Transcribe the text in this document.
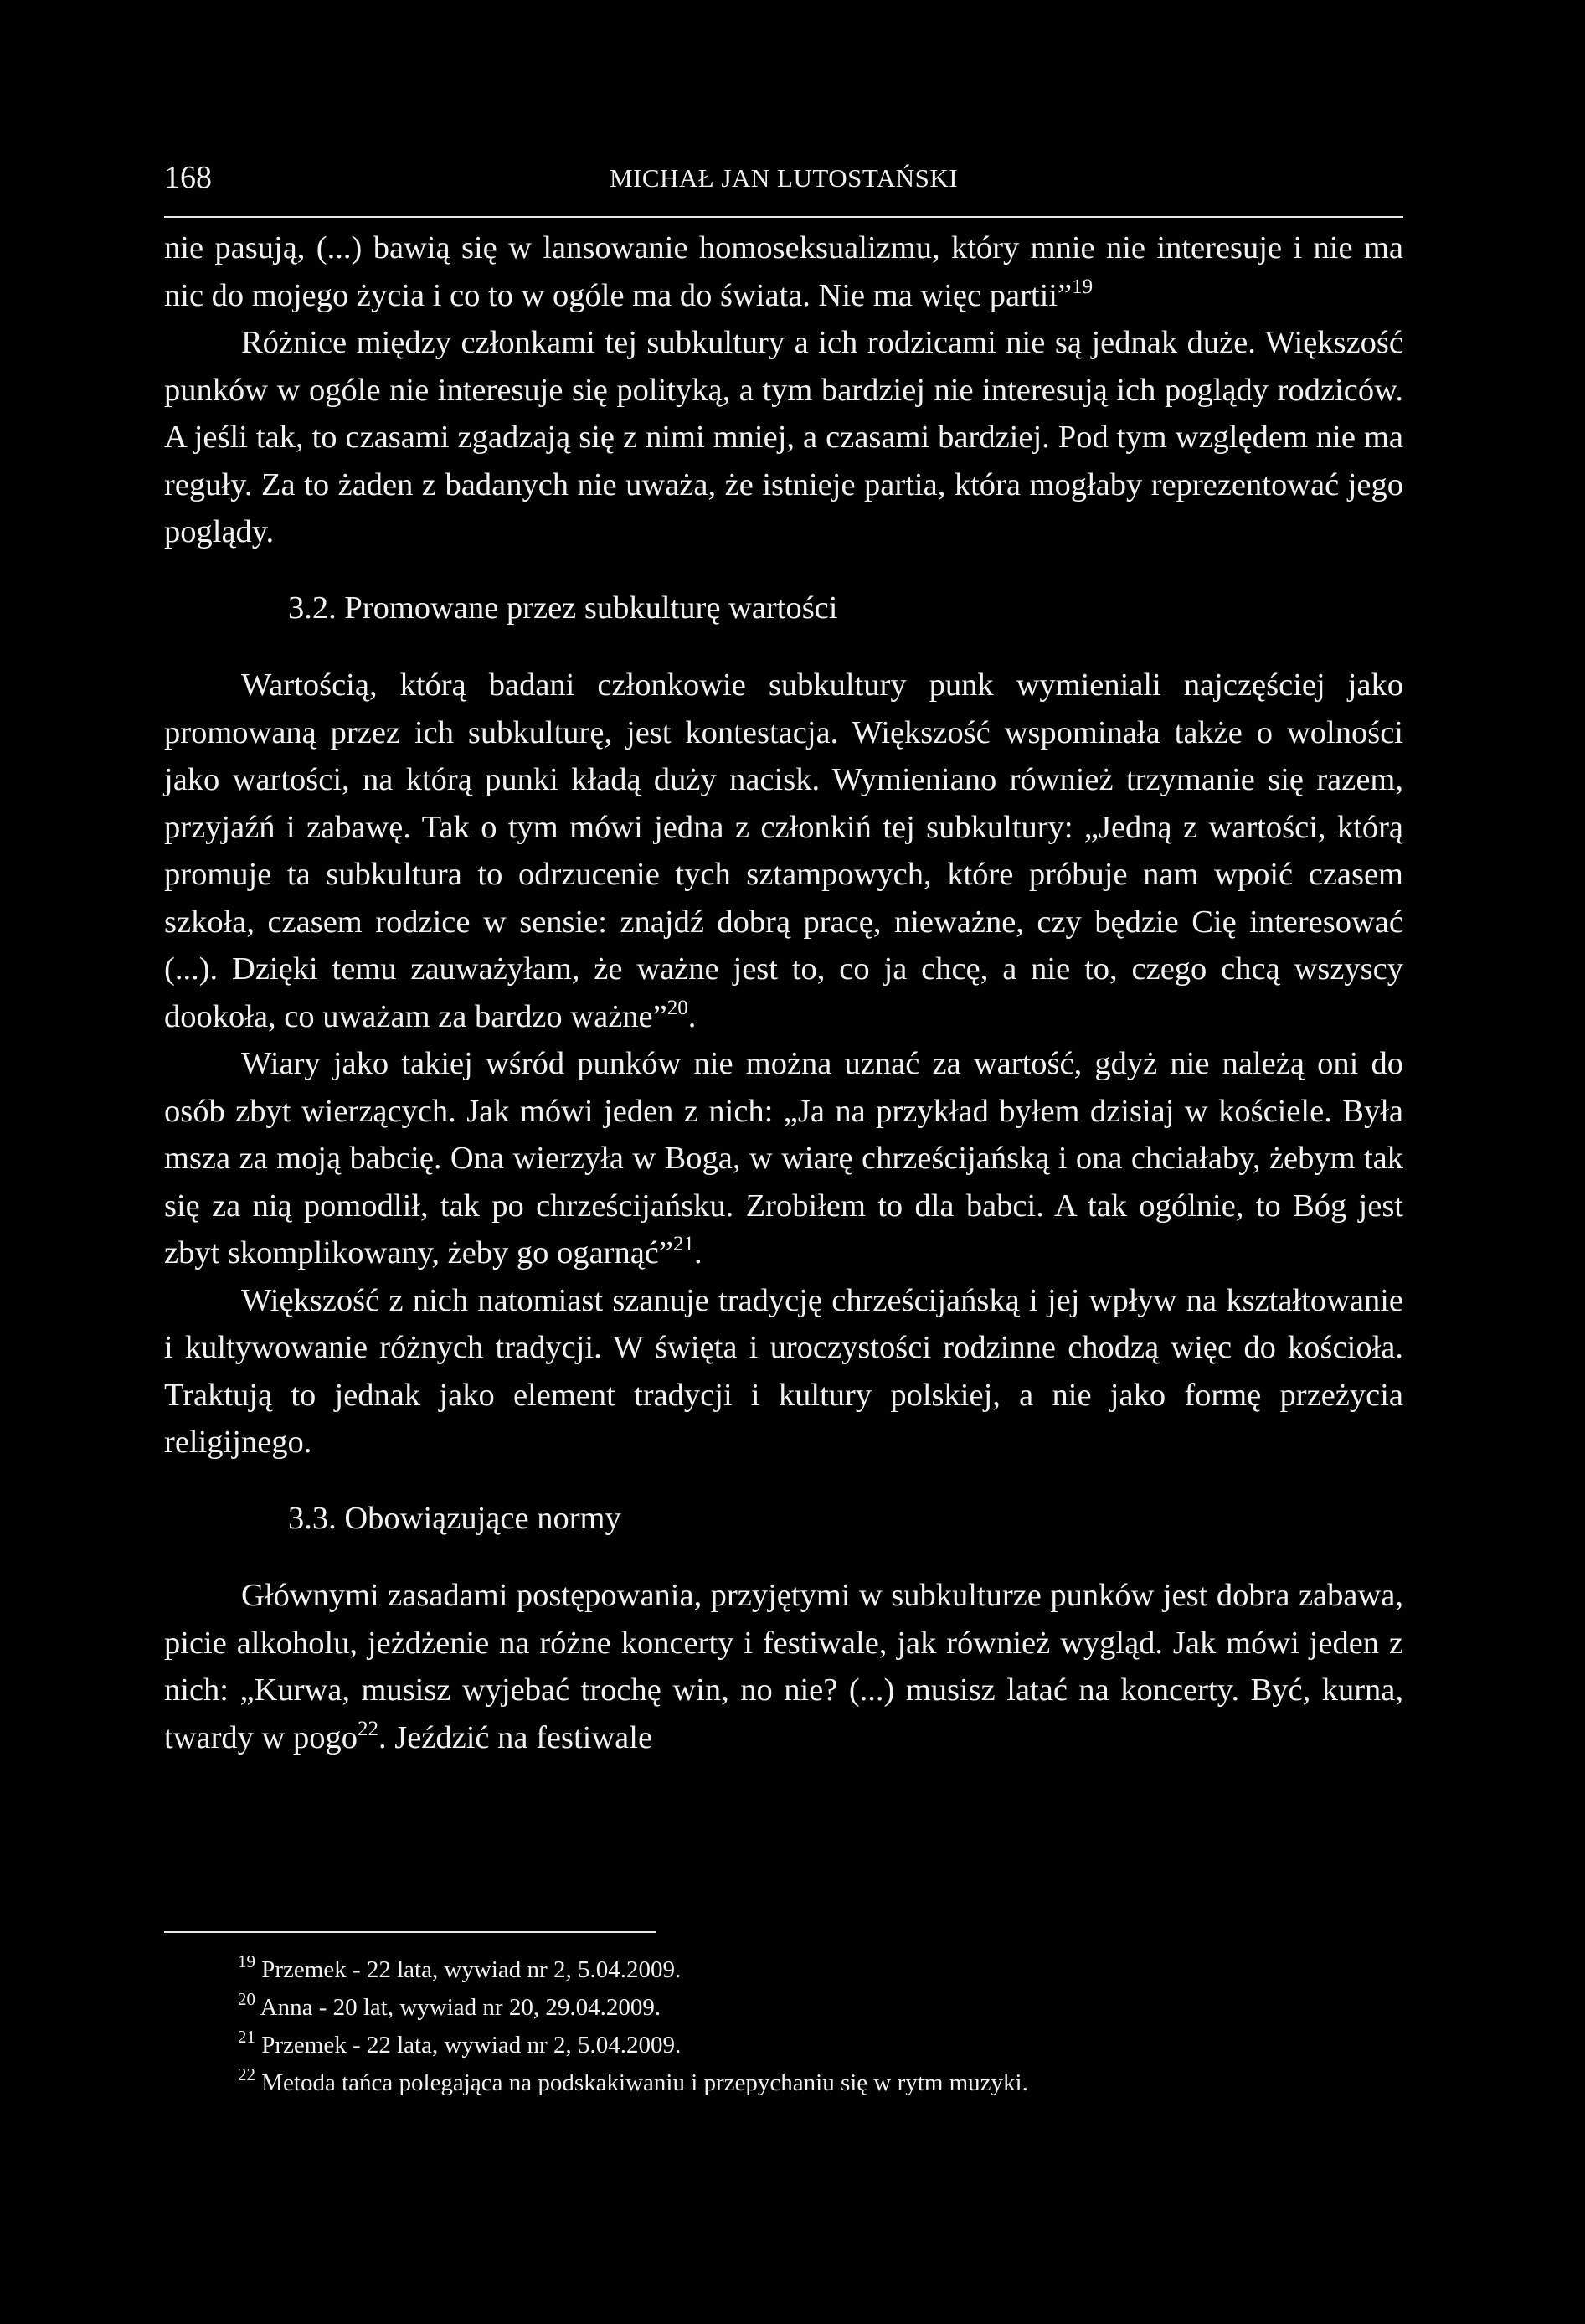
168	MICHAŁ JAN LUTOSTAŃSKI

nie pasują, (...) bawią się w lansowanie homoseksualizmu, który mnie nie interesuje i nie ma nic do mojego życia i co to w ogóle ma do świata. Nie ma więc partii”$^{19}$

Różnice między członkami tej subkultury a ich rodzicami nie są jednak duże. Większość punków w ogóle nie interesuje się polityką, a tym bardziej nie interesują ich poglądy rodziców. A jeśli tak, to czasami zgadzają się z nimi mniej, a czasami bardziej. Pod tym względem nie ma reguły. Za to żaden z badanych nie uważa, że istnieje partia, która mogłaby reprezentować jego poglądy.

3.2. Promowane przez subkulturę wartości

Wartością, którą badani członkowie subkultury punk wymieniali najczęściej jako promowaną przez ich subkulturę, jest kontestacja. Większość wspominała także o wolności jako wartości, na którą punki kładą duży nacisk. Wymieniano również trzymanie się razem, przyjaźń i zabawę. Tak o tym mówi jedna z członkiń tej subkultury: „Jedną z wartości, którą promuje ta subkultura to odrzucenie tych sztampowych, które próbuje nam wpoić czasem szkoła, czasem rodzice w sensie: znajdź dobrą pracę, nieważne, czy będzie Cię interesować (...). Dzięki temu zauważyłam, że ważne jest to, co ja chcę, a nie to, czego chcą wszyscy dookoła, co uważam za bardzo ważne”$^{20}$.

Wiary jako takiej wśród punków nie można uznać za wartość, gdyż nie należą oni do osób zbyt wierzących. Jak mówi jeden z nich: „Ja na przykład byłem dzisiaj w kościele. Była msza za moją babcię. Ona wierzyła w Boga, w wiarę chrześcijańską i ona chciałaby, żebym tak się za nią pomodlił, tak po chrześcijańsku. Zrobiłem to dla babci. A tak ogólnie, to Bóg jest zbyt skomplikowany, żeby go ogarnąć”$^{21}$.

Większość z nich natomiast szanuje tradycję chrześcijańską i jej wpływ na kształtowanie i kultywowanie różnych tradycji. W święta i uroczystości rodzinne chodzą więc do kościoła. Traktują to jednak jako element tradycji i kultury polskiej, a nie jako formę przeżycia religijnego.

3.3. Obowiązujące normy

Głównymi zasadami postępowania, przyjętymi w subkulturze punków jest dobra zabawa, picie alkoholu, jeżdżenie na różne koncerty i festiwale, jak również wygląd. Jak mówi jeden z nich: „Kurwa, musisz wyjebać trochę win, no nie? (...) musisz latać na koncerty. Być, kurna, twardy w pogo$^{22}$. Jeździć na festiwale

$^{19}$ Przemek - 22 lata, wywiad nr 2, 5.04.2009.
$^{20}$ Anna - 20 lat, wywiad nr 20, 29.04.2009.
$^{21}$ Przemek - 22 lata, wywiad nr 2, 5.04.2009.
$^{22}$ Metoda tańca polegająca na podskakiwaniu i przepychaniu się w rytm muzyki.
